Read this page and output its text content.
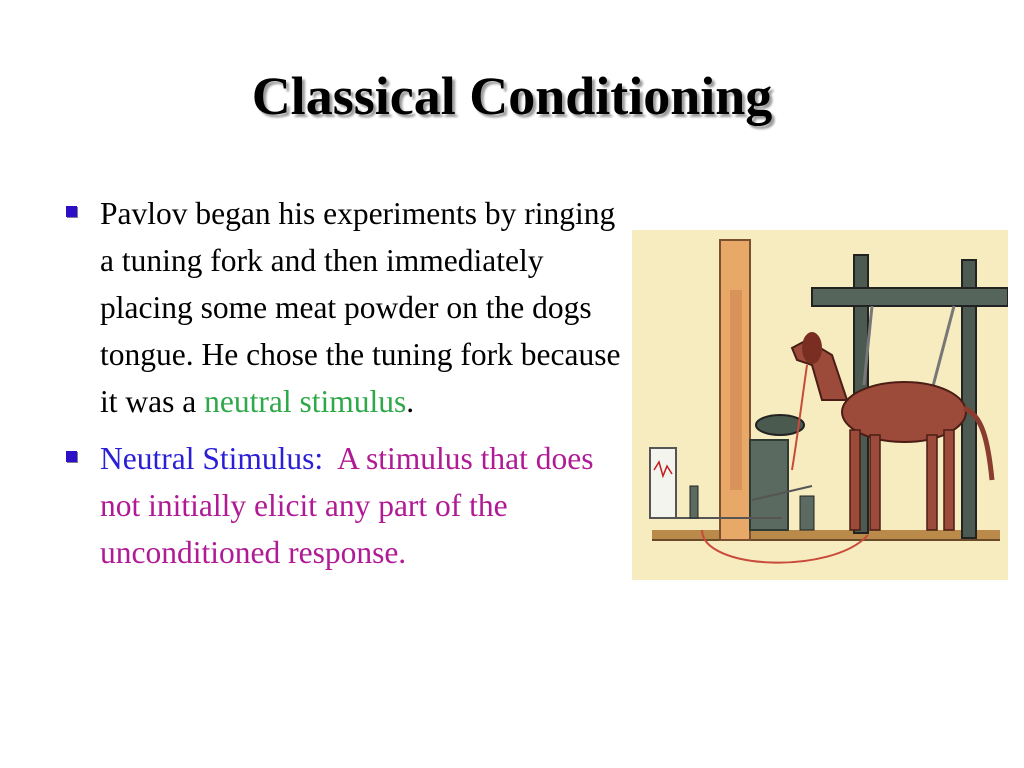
Classical Conditioning
Pavlov began his experiments by ringing a tuning fork and then immediately placing some meat powder on the dogs tongue. He chose the tuning fork because it was a neutral stimulus.
Neutral Stimulus: A stimulus that does not initially elicit any part of the unconditioned response.
